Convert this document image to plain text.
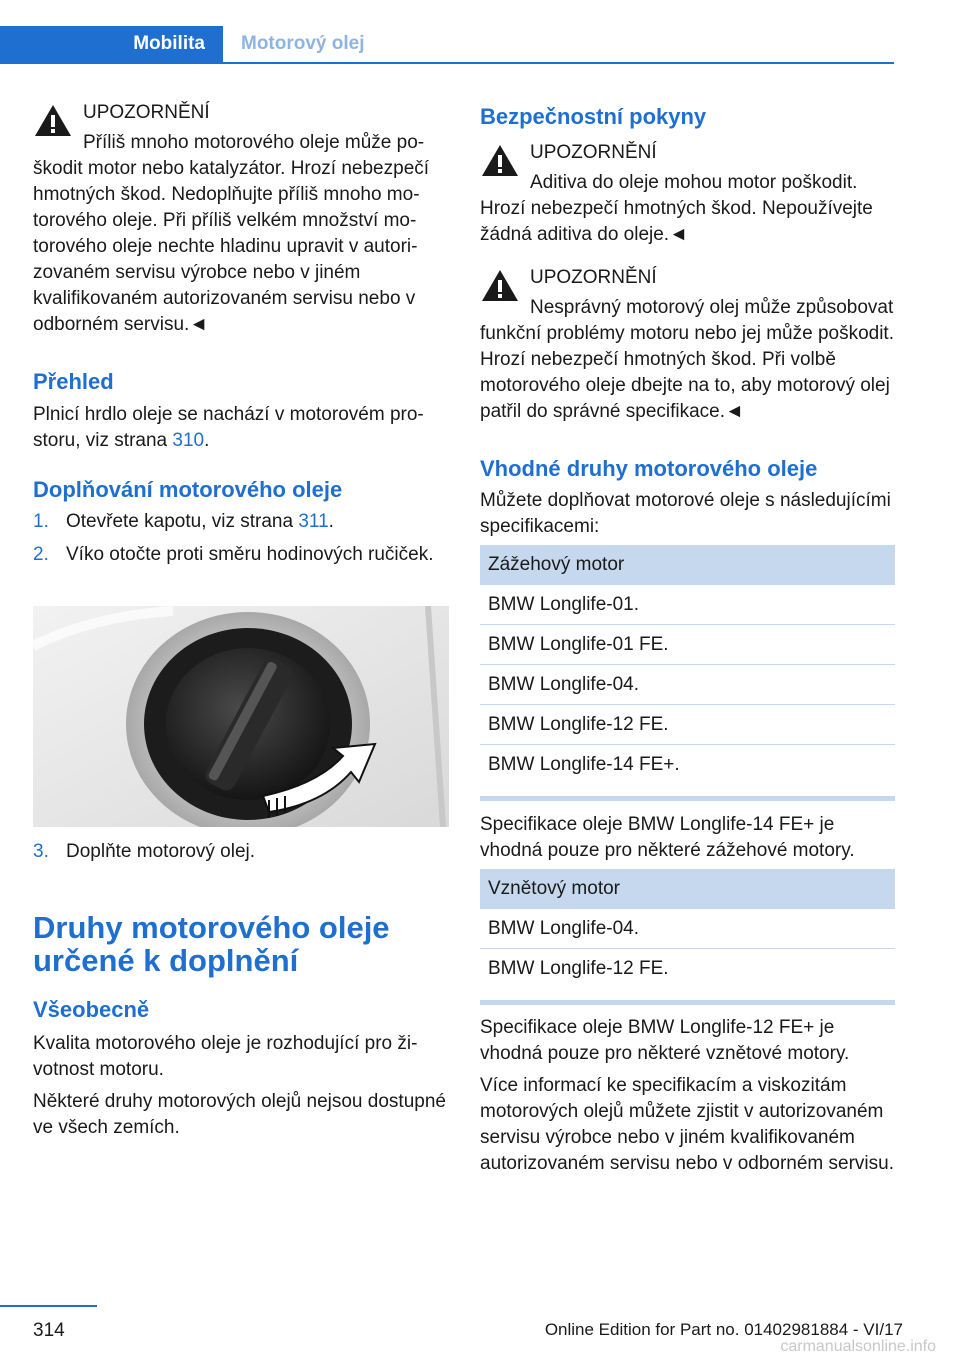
Mobilita	Motorový olej
UPOZORNĚNÍ

Příliš mnoho motorového oleje může poškodit motor nebo katalyzátor. Hrozí nebezpečí hmotných škod. Nedoplňujte příliš mnoho motorového oleje. Při příliš velkém množství motorového oleje nechte hladinu upravit v autorizovaném servisu výrobce nebo v jiném kvalifikovaném autorizovaném servisu nebo v odborném servisu.◄

Přehled

Plnicí hrdlo oleje se nachází v motorovém prostoru, viz strana 310.

Doplňování motorového oleje
1. Otevřete kapotu, viz strana 311.
2. Víko otočte proti směru hodinových ručiček.
3. Doplňte motorový olej.
Druhy motorového oleje určené k doplnění
Všeobecně

Kvalita motorového oleje je rozhodující pro životnost motoru.

Některé druhy motorových olejů nejsou dostupné ve všech zemích.

Bezpečnostní pokyny
UPOZORNĚNÍ

Aditiva do oleje mohou motor poškodit. Hrozí nebezpečí hmotných škod. Nepoužívejte žádná aditiva do oleje.◄

UPOZORNĚNÍ

Nesprávný motorový olej může způsobovat funkční problémy motoru nebo jej může poškodit. Hrozí nebezpečí hmotných škod. Při volbě motorového oleje dbejte na to, aby motorový olej patřil do správné specifikace.◄

Vhodné druhy motorového oleje

Můžete doplňovat motorové oleje s následujícími specifikacemi:

Zážehový motor
BMW Longlife-01.
BMW Longlife-01 FE.
BMW Longlife-04.
BMW Longlife-12 FE.
BMW Longlife-14 FE+.

Specifikace oleje BMW Longlife-14 FE+ je vhodná pouze pro některé zážehové motory.

Vznětový motor
BMW Longlife-04.
BMW Longlife-12 FE.

Specifikace oleje BMW Longlife-12 FE+ je vhodná pouze pro některé vznětové motory.

Více informací ke specifikacím a viskozitám motorových olejů můžete zjistit v autorizovaném servisu výrobce nebo v jiném kvalifikovaném autorizovaném servisu nebo v odborném servisu.

314	Online Edition for Part no. 01402981884 - VI/17
carmanualsonline.info
